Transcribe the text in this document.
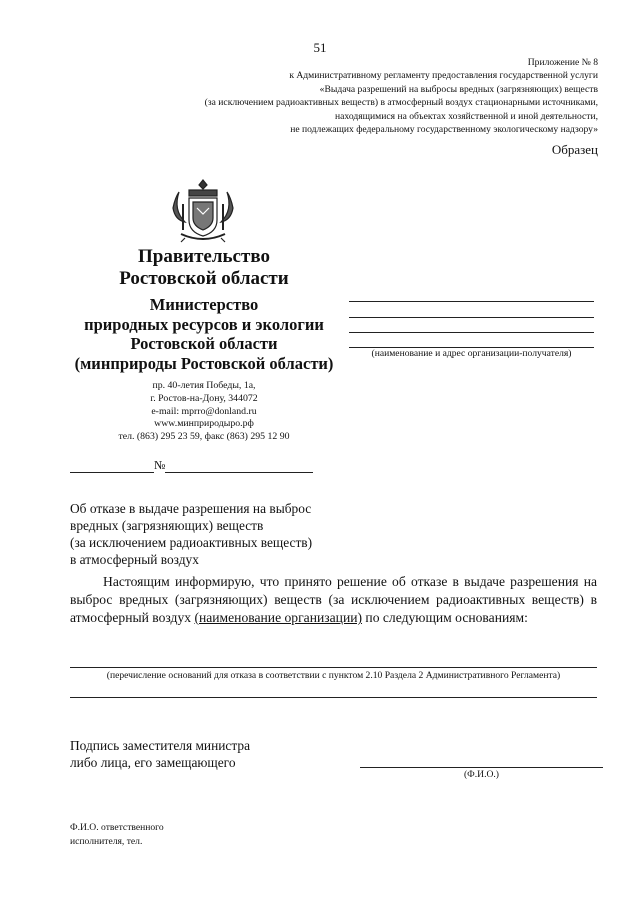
51
Приложение № 8
к Административному регламенту предоставления государственной услуги
«Выдача разрешений на выбросы вредных (загрязняющих) веществ
(за исключением радиоактивных веществ) в атмосферный воздух стационарными источниками,
находящимися на объектах хозяйственной и иной деятельности,
не подлежащих федеральному государственному экологическому надзору»
Образец
Правительство
Ростовской области
Министерство
природных ресурсов и экологии
Ростовской области
(минприроды Ростовской области)
пр. 40-летия Победы, 1а,
г. Ростов-на-Дону, 344072
e-mail: mprro@donland.ru
www.минприродыро.рф
тел. (863) 295 23 59, факс (863) 295 12 90
(наименование и адрес организации-получателя)
№
Об отказе в выдаче разрешения на выброс
вредных (загрязняющих) веществ
(за исключением радиоактивных веществ)
в атмосферный воздух

Настоящим информирую, что принято решение об отказе в выдаче разрешения на выброс вредных (загрязняющих) веществ (за исключением радиоактивных веществ) в атмосферный воздух (наименование организации) по следующим основаниям:

(перечисление оснований для отказа в соответствии с пунктом 2.10 Раздела 2 Административного Регламента)
Подпись заместителя министра
либо лица, его замещающего
(Ф.И.О.)
Ф.И.О. ответственного
исполнителя, тел.
